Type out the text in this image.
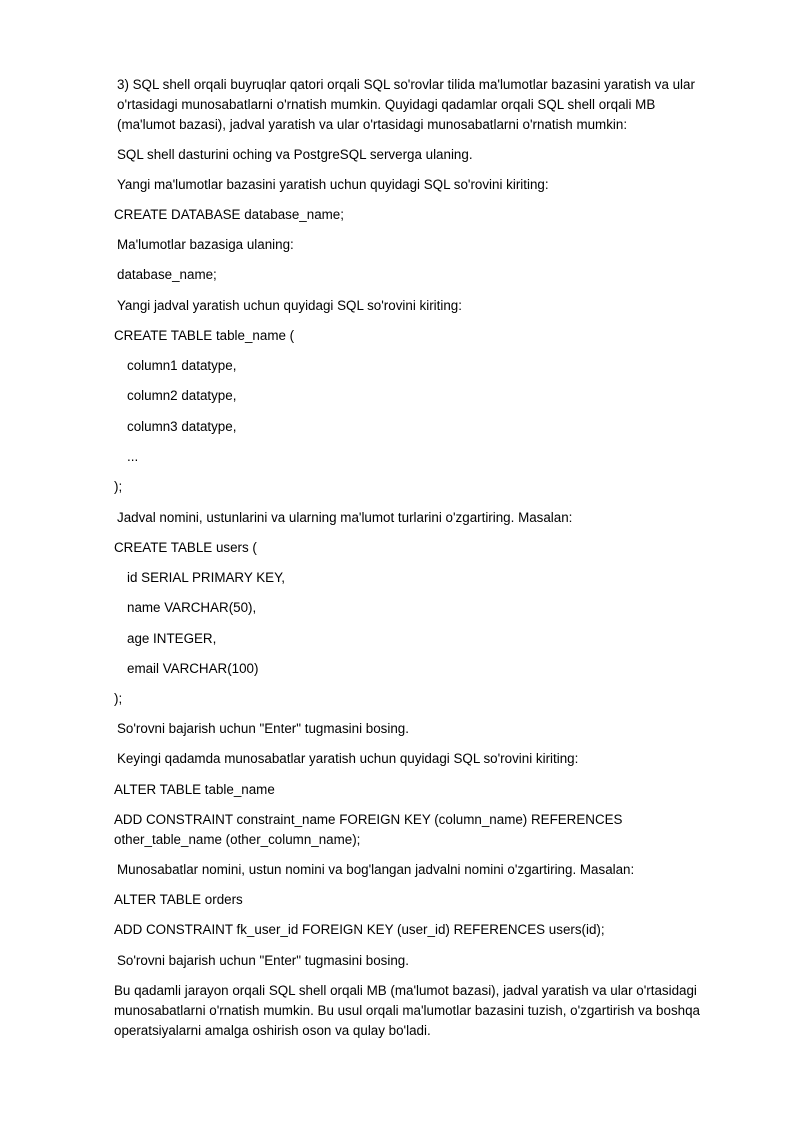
3) SQL shell orqali buyruqlar qatori orqali SQL so'rovlar tilida ma'lumotlar bazasini yaratish va ular o'rtasidagi munosabatlarni o'rnatish mumkin. Quyidagi qadamlar orqali SQL shell orqali MB (ma'lumot bazasi), jadval yaratish va ular o'rtasidagi munosabatlarni o'rnatish mumkin:

SQL shell dasturini oching va PostgreSQL serverga ulaning.

Yangi ma'lumotlar bazasini yaratish uchun quyidagi SQL so'rovini kiriting:

CREATE DATABASE database_name;

Ma'lumotlar bazasiga ulaning:

database_name;

Yangi jadval yaratish uchun quyidagi SQL so'rovini kiriting:

CREATE TABLE table_name (

column1 datatype,

column2 datatype,

column3 datatype,

...

);

Jadval nomini, ustunlarini va ularning ma'lumot turlarini o'zgartiring. Masalan:

CREATE TABLE users (

id SERIAL PRIMARY KEY,

name VARCHAR(50),

age INTEGER,

email VARCHAR(100)

);

So'rovni bajarish uchun "Enter" tugmasini bosing.

Keyingi qadamda munosabatlar yaratish uchun quyidagi SQL so'rovini kiriting:

ALTER TABLE table_name

ADD CONSTRAINT constraint_name FOREIGN KEY (column_name) REFERENCES other_table_name (other_column_name);

Munosabatlar nomini, ustun nomini va bog'langan jadvalni nomini o'zgartiring. Masalan:

ALTER TABLE orders

ADD CONSTRAINT fk_user_id FOREIGN KEY (user_id) REFERENCES users(id);

So'rovni bajarish uchun "Enter" tugmasini bosing.

Bu qadamli jarayon orqali SQL shell orqali MB (ma'lumot bazasi), jadval yaratish va ular o'rtasidagi munosabatlarni o'rnatish mumkin. Bu usul orqali ma'lumotlar bazasini tuzish, o'zgartirish va boshqa operatsiyalarni amalga oshirish oson va qulay bo'ladi.
